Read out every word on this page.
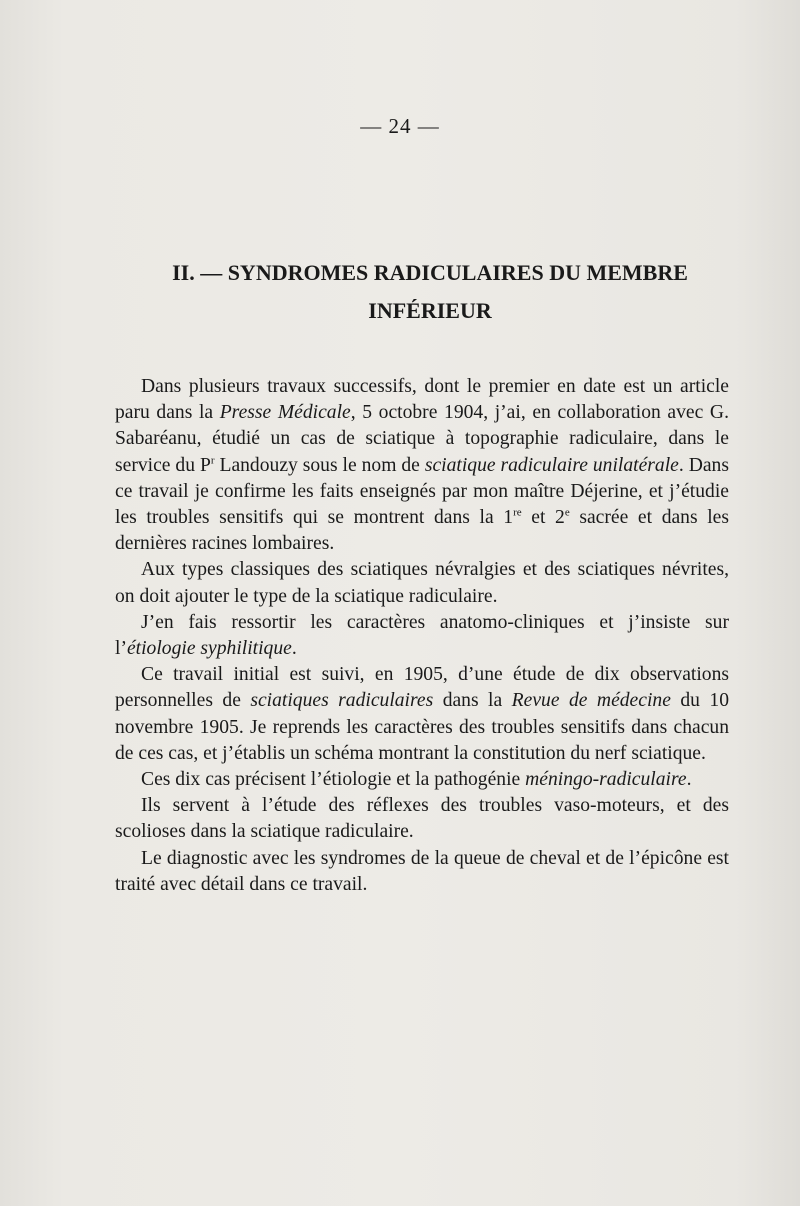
— 24 —
II. — SYNDROMES RADICULAIRES DU MEMBRE
INFÉRIEUR

Dans plusieurs travaux successifs, dont le premier en date est un article paru dans la Presse Médicale, 5 octobre 1904, j’ai, en collaboration avec G. Sabaréanu, étudié un cas de sciatique à topographie radiculaire, dans le service du $P^r$ Landouzy sous le nom de sciatique radiculaire unilatérale. Dans ce travail je confirme les faits enseignés par mon maître Déjerine, et j’étudie les troubles sensitifs qui se montrent dans la 1re et 2e sacrée et dans les dernières racines lombaires.

Aux types classiques des sciatiques névralgies et des sciatiques névrites, on doit ajouter le type de la sciatique radiculaire.

J’en fais ressortir les caractères anatomo-cliniques et j’insiste sur l’étiologie syphilitique.

Ce travail initial est suivi, en 1905, d’une étude de dix observations personnelles de sciatiques radiculaires dans la Revue de médecine du 10 novembre 1905. Je reprends les caractères des troubles sensitifs dans chacun de ces cas, et j’établis un schéma montrant la constitution du nerf sciatique.

Ces dix cas précisent l’étiologie et la pathogénie méningo-radiculaire.

Ils servent à l’étude des réflexes des troubles vaso-moteurs, et des scolioses dans la sciatique radiculaire.

Le diagnostic avec les syndromes de la queue de cheval et de l’épicône est traité avec détail dans ce travail.
